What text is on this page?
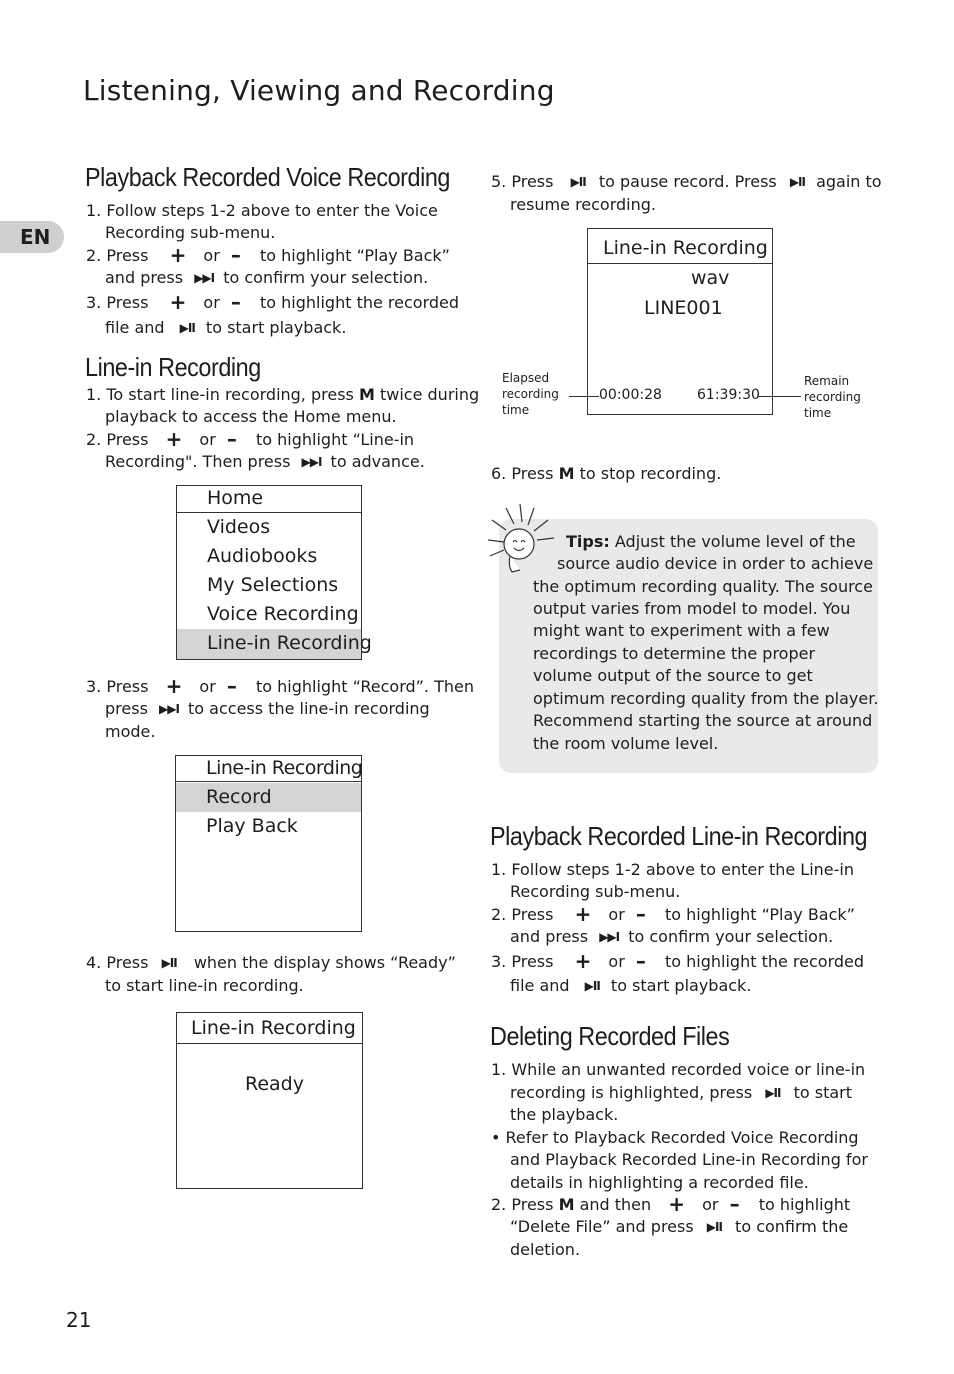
Listening, Viewing and Recording
EN
Playback Recorded Voice Recording
1. Follow steps 1-2 above to enter the Voice
Recording sub-menu.
2. Press + or – to highlight “Play Back”
and press ▶▶I to confirm your selection.
3. Press + or – to highlight the recorded
file and ▶II to start playback.
Line-in Recording
1. To start line-in recording, press M twice during
playback to access the Home menu.
2. Press + or – to highlight “Line-in
Recording". Then press ▶▶I to advance.
Home
Videos
Audiobooks
My Selections
Voice Recording
Line-in Recording
3. Press + or – to highlight “Record”. Then
press ▶▶I to access the line-in recording
mode.
Line-in Recording
Record
Play Back
4. Press ▶II when the display shows “Ready”
to start line-in recording.
Line-in Recording
Ready
5. Press ▶II to pause record. Press ▶II again to
resume recording.
Line-in Recording
wav
LINE001
00:00:28	61:39:30
Elapsed
recording
time
Remain
recording
time
6. Press M to stop recording.
Tips: Adjust the volume level of the
source audio device in order to achieve
the optimum recording quality. The source
output varies from model to model. You
might want to experiment with a few
recordings to determine the proper
volume output of the source to get
optimum recording quality from the player.
Recommend starting the source at around
the room volume level.
Playback Recorded Line-in Recording
1. Follow steps 1-2 above to enter the Line-in
Recording sub-menu.
2. Press + or – to highlight “Play Back”
and press ▶▶I to confirm your selection.
3. Press + or – to highlight the recorded
file and ▶II to start playback.
Deleting Recorded Files
1. While an unwanted recorded voice or line-in
recording is highlighted, press ▶II to start
the playback.
• Refer to Playback Recorded Voice Recording
and Playback Recorded Line-in Recording for
details in highlighting a recorded file.
2. Press M and then + or – to highlight
“Delete File” and press ▶II to confirm the
deletion.
21
